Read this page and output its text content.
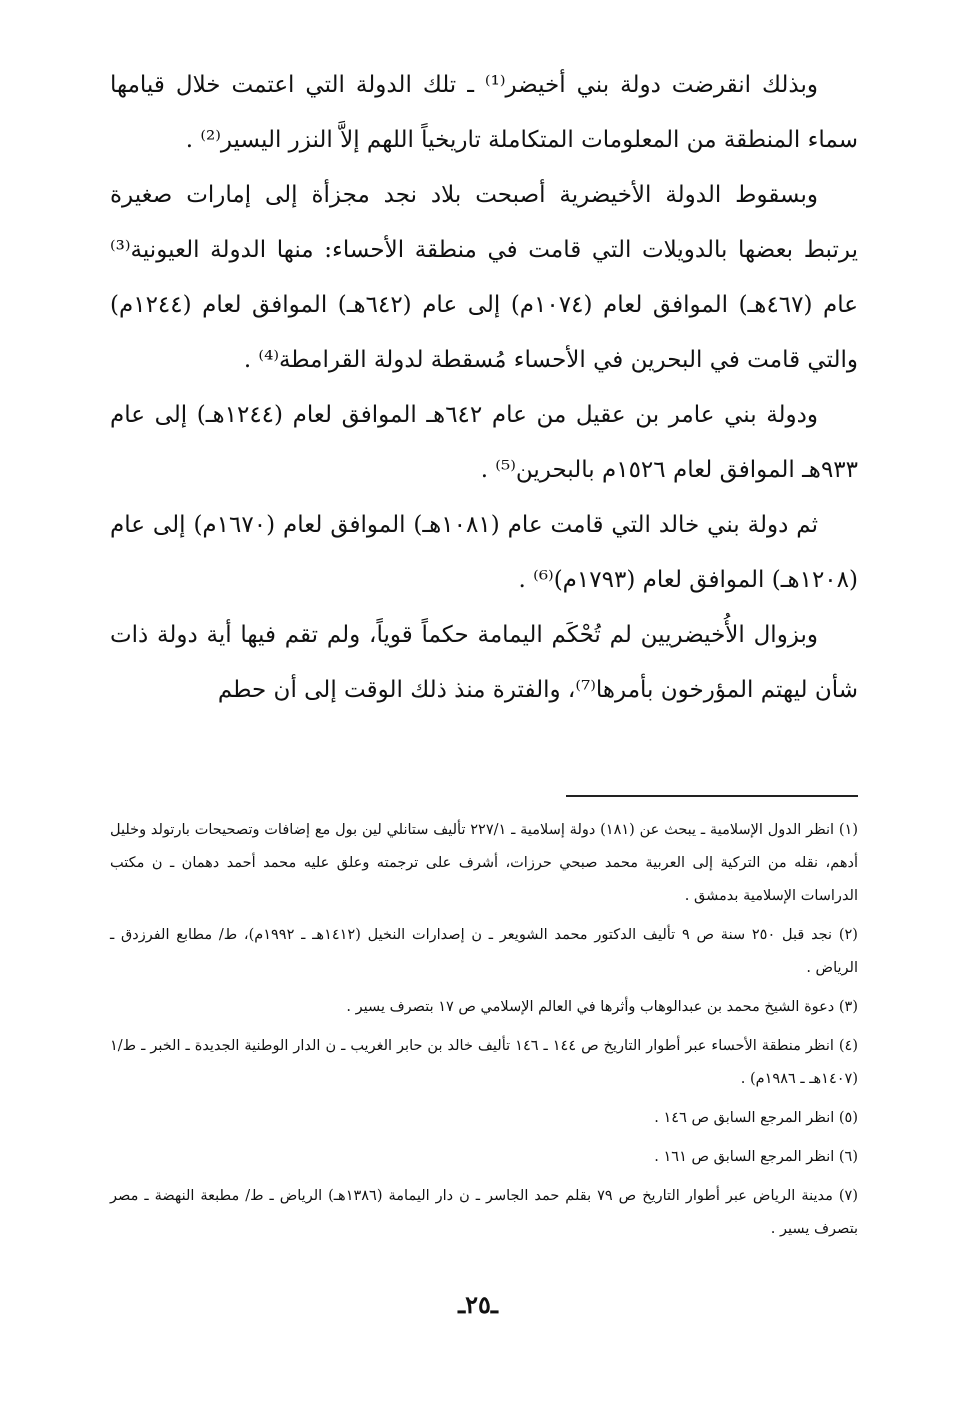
وبذلك انقرضت دولة بني أخيضر⁽¹⁾ ـ تلك الدولة التي اعتمت خلال قيامها سماء المنطقة من المعلومات المتكاملة تاريخياً اللهم إلاَّ النزر اليسير⁽²⁾ .

وبسقوط الدولة الأخيضرية أصبحت بلاد نجد مجزأة إلى إمارات صغيرة يرتبط بعضها بالدويلات التي قامت في منطقة الأحساء: منها الدولة العيونية⁽³⁾ عام (٤٦٧هـ) الموافق لعام (١٠٧٤م) إلى عام (٦٤٢هـ) الموافق لعام (١٢٤٤م) والتي قامت في البحرين في الأحساء مُسقطة لدولة القرامطة⁽⁴⁾ .

ودولة بني عامر بن عقيل من عام ٦٤٢هـ الموافق لعام (١٢٤٤هـ) إلى عام ٩٣٣هـ الموافق لعام ١٥٢٦م بالبحرين⁽⁵⁾ .

ثم دولة بني خالد التي قامت عام (١٠٨١هـ) الموافق لعام (١٦٧٠م) إلى عام (١٢٠٨هـ) الموافق لعام (١٧٩٣م)⁽⁶⁾ .

وبزوال الأُخيضريين لم تُحْكَم اليمامة حكماً قوياً، ولم تقم فيها أية دولة ذات شأن ليهتم المؤرخون بأمرها⁽⁷⁾، والفترة منذ ذلك الوقت إلى أن حطم

(١) انظر الدول الإسلامية ـ يبحث عن (١٨١) دولة إسلامية ـ ٢٢٧/١ تأليف ستانلي لين بول مع إضافات وتصحيحات بارتولد وخليل أدهم، نقله من التركية إلى العربية محمد صبحي حرزات، أشرف على ترجمته وعلق عليه محمد أحمد دهمان ـ ن مكتب الدراسات الإسلامية بدمشق .

(٢) نجد قبل ٢٥٠ سنة ص ٩ تأليف الدكتور محمد الشويعر ـ ن إصدارات النخيل (١٤١٢هـ ـ ١٩٩٢م)، ط/ مطابع الفرزدق ـ الرياض .

(٣) دعوة الشيخ محمد بن عبدالوهاب وأثرها في العالم الإسلامي ص ١٧ بتصرف يسير .

(٤) انظر منطقة الأحساء عبر أطوار التاريخ ص ١٤٤ ـ ١٤٦ تأليف خالد بن حابر الغريب ـ ن الدار الوطنية الجديدة ـ الخبر ـ ط/١ (١٤٠٧هـ ـ ١٩٨٦م) .

(٥) انظر المرجع السابق ص ١٤٦ .

(٦) انظر المرجع السابق ص ١٦١ .

(٧) مدينة الرياض عبر أطوار التاريخ ص ٧٩ بقلم حمد الجاسر ـ ن دار اليمامة (١٣٨٦هـ) الرياض ـ ط/ مطبعة النهضة ـ مصر بتصرف يسير .

ـ٢٥ـ
